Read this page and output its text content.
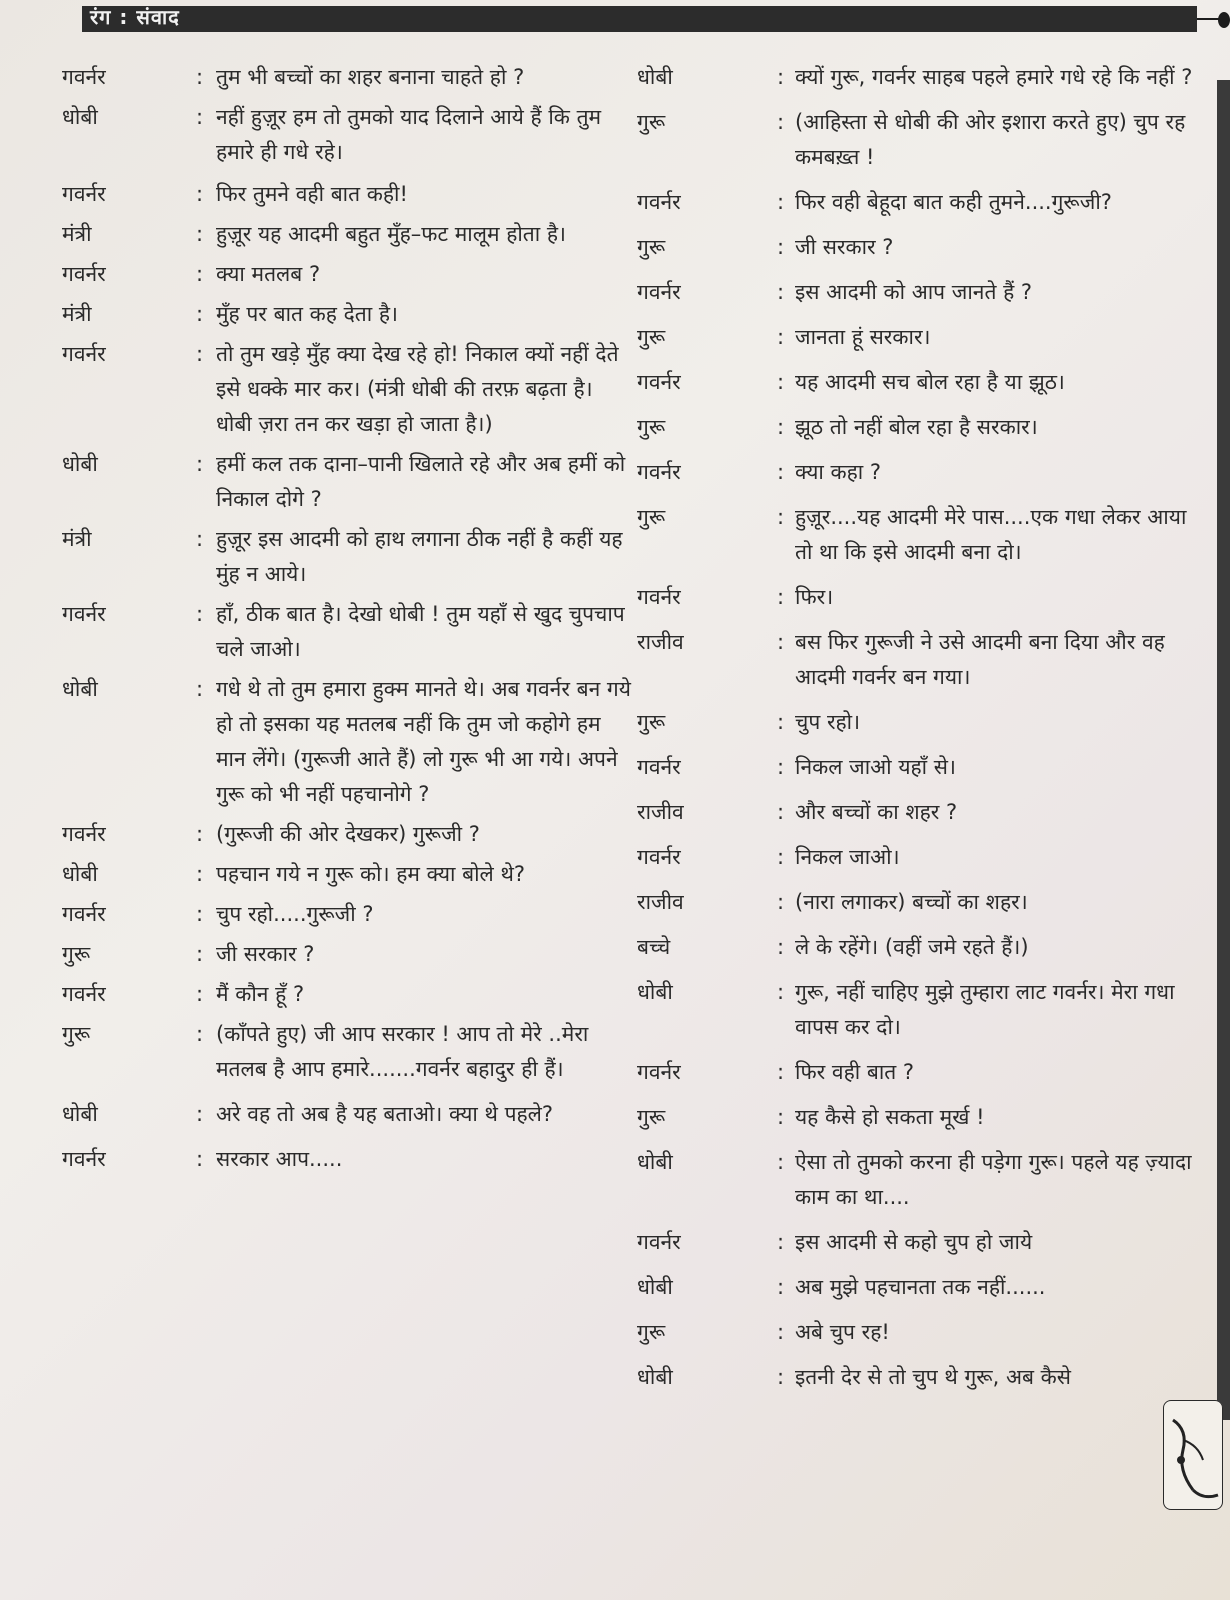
रंग : संवाद
गवर्नर	: तुम भी बच्चों का शहर बनाना चाहते हो ?
धोबी	: नहीं हुज़ूर हम तो तुमको याद दिलाने आये हैं कि तुम हमारे ही गधे रहे।
गवर्नर	: फिर तुमने वही बात कही!
मंत्री	: हुज़ूर यह आदमी बहुत मुँह–फट मालूम होता है।
गवर्नर	: क्या मतलब ?
मंत्री	: मुँह पर बात कह देता है।
गवर्नर	: तो तुम खड़े मुँह क्या देख रहे हो! निकाल क्यों नहीं देते इसे धक्के मार कर। (मंत्री धोबी की तरफ़ बढ़ता है। धोबी ज़रा तन कर खड़ा हो जाता है।)
धोबी	: हमीं कल तक दाना–पानी खिलाते रहे और अब हमीं को निकाल दोगे ?
मंत्री	: हुज़ूर इस आदमी को हाथ लगाना ठीक नहीं है कहीं यह मुंह न आये।
गवर्नर	: हाँ, ठीक बात है। देखो धोबी ! तुम यहाँ से खुद चुपचाप चले जाओ।
धोबी	: गधे थे तो तुम हमारा हुक्म मानते थे। अब गवर्नर बन गये हो तो इसका यह मतलब नहीं कि तुम जो कहोगे हम मान लेंगे। (गुरूजी आते हैं) लो गुरू भी आ गये। अपने गुरू को भी नहीं पहचानोगे ?
गवर्नर	: (गुरूजी की ओर देखकर) गुरूजी ?
धोबी	: पहचान गये न गुरू को। हम क्या बोले थे?
गवर्नर	: चुप रहो.....गुरूजी ?
गुरू	: जी सरकार ?
गवर्नर	: मैं कौन हूँ ?
गुरू	: (काँपते हुए) जी आप सरकार ! आप तो मेरे ..मेरा मतलब है आप हमारे.......गवर्नर बहादुर ही हैं।
धोबी	: अरे वह तो अब है यह बताओ। क्या थे पहले?
गवर्नर	: सरकार आप.....
धोबी	: क्यों गुरू, गवर्नर साहब पहले हमारे गधे रहे कि नहीं ?
गुरू	: (आहिस्ता से धोबी की ओर इशारा करते हुए) चुप रह कमबख़्त !
गवर्नर	: फिर वही बेहूदा बात कही तुमने....गुरूजी?
गुरू	: जी सरकार ?
गवर्नर	: इस आदमी को आप जानते हैं ?
गुरू	: जानता हूं सरकार।
गवर्नर	: यह आदमी सच बोल रहा है या झूठ।
गुरू	: झूठ तो नहीं बोल रहा है सरकार।
गवर्नर	: क्या कहा ?
गुरू	: हुज़ूर....यह आदमी मेरे पास....एक गधा लेकर आया तो था कि इसे आदमी बना दो।
गवर्नर	: फिर।
राजीव	: बस फिर गुरूजी ने उसे आदमी बना दिया और वह आदमी गवर्नर बन गया।
गुरू	: चुप रहो।
गवर्नर	: निकल जाओ यहाँ से।
राजीव	: और बच्चों का शहर ?
गवर्नर	: निकल जाओ।
राजीव	: (नारा लगाकर) बच्चों का शहर।
बच्चे	: ले के रहेंगे। (वहीं जमे रहते हैं।)
धोबी	: गुरू, नहीं चाहिए मुझे तुम्हारा लाट गवर्नर। मेरा गधा वापस कर दो।
गवर्नर	: फिर वही बात ?
गुरू	: यह कैसे हो सकता मूर्ख !
धोबी	: ऐसा तो तुमको करना ही पड़ेगा गुरू। पहले यह ज़्यादा काम का था....
गवर्नर	: इस आदमी से कहो चुप हो जाये
धोबी	: अब मुझे पहचानता तक नहीं......
गुरू	: अबे चुप रह!
धोबी	: इतनी देर से तो चुप थे गुरू, अब कैसे
